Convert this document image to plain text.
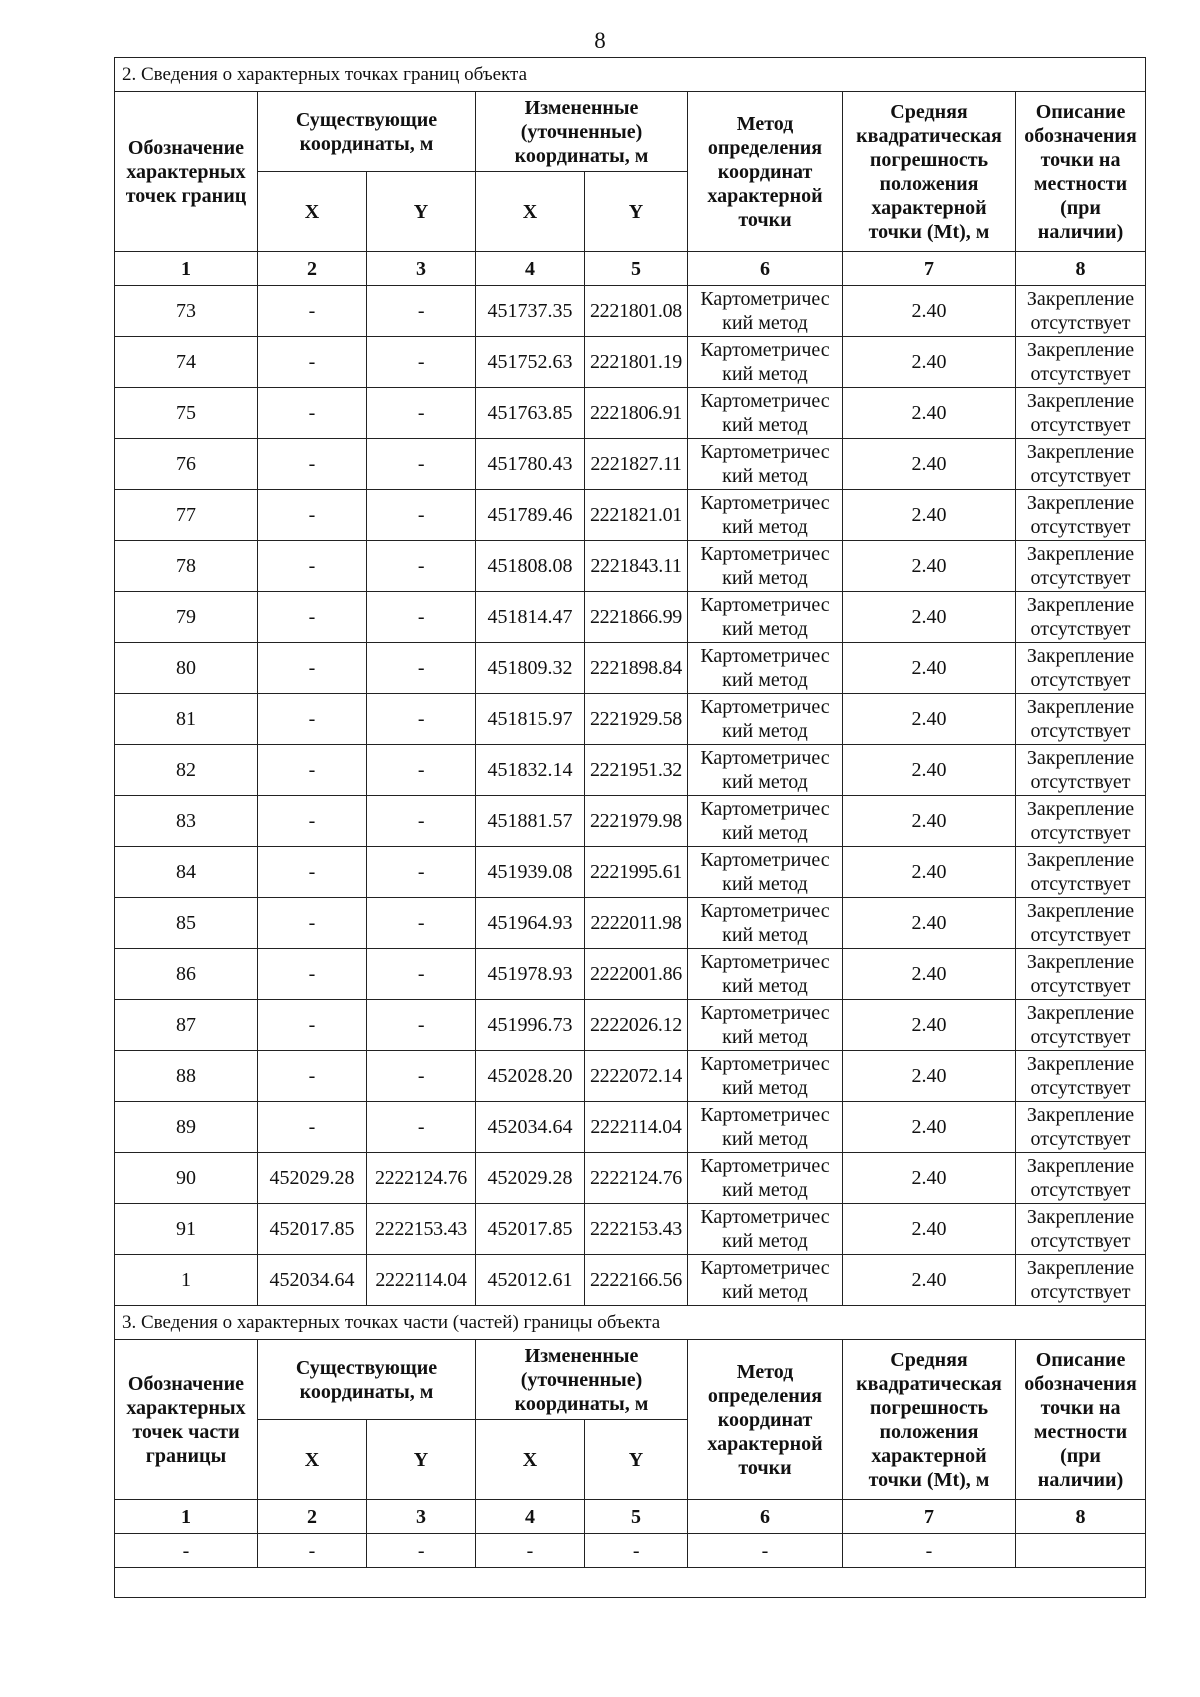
8
2. Сведения о характерных точках границ объекта							
Обозначение характерных точек границ	Существующие координаты, м		Измененные (уточненные) координаты, м		Метод определения координат характерной точки	Средняя квадратическая погрешность положения характерной точки (Mt), м	Описание обозначения точки на местности (при наличии)
	X	Y	X	Y			
1	2	3	4	5	6	7	8
73	-	-	451737.35	2221801.08	Картометричес кий метод	2.40	Закрепление отсутствует
74	-	-	451752.63	2221801.19	Картометричес кий метод	2.40	Закрепление отсутствует
75	-	-	451763.85	2221806.91	Картометричес кий метод	2.40	Закрепление отсутствует
76	-	-	451780.43	2221827.11	Картометричес кий метод	2.40	Закрепление отсутствует
77	-	-	451789.46	2221821.01	Картометричес кий метод	2.40	Закрепление отсутствует
78	-	-	451808.08	2221843.11	Картометричес кий метод	2.40	Закрепление отсутствует
79	-	-	451814.47	2221866.99	Картометричес кий метод	2.40	Закрепление отсутствует
80	-	-	451809.32	2221898.84	Картометричес кий метод	2.40	Закрепление отсутствует
81	-	-	451815.97	2221929.58	Картометричес кий метод	2.40	Закрепление отсутствует
82	-	-	451832.14	2221951.32	Картометричес кий метод	2.40	Закрепление отсутствует
83	-	-	451881.57	2221979.98	Картометричес кий метод	2.40	Закрепление отсутствует
84	-	-	451939.08	2221995.61	Картометричес кий метод	2.40	Закрепление отсутствует
85	-	-	451964.93	2222011.98	Картометричес кий метод	2.40	Закрепление отсутствует
86	-	-	451978.93	2222001.86	Картометричес кий метод	2.40	Закрепление отсутствует
87	-	-	451996.73	2222026.12	Картометричес кий метод	2.40	Закрепление отсутствует
88	-	-	452028.20	2222072.14	Картометричес кий метод	2.40	Закрепление отсутствует
89	-	-	452034.64	2222114.04	Картометричес кий метод	2.40	Закрепление отсутствует
90	452029.28	2222124.76	452029.28	2222124.76	Картометричес кий метод	2.40	Закрепление отсутствует
91	452017.85	2222153.43	452017.85	2222153.43	Картометричес кий метод	2.40	Закрепление отсутствует
1	452034.64	2222114.04	452012.61	2222166.56	Картометричес кий метод	2.40	Закрепление отсутствует
3. Сведения о характерных точках части (частей) границы объекта							
Обозначение характерных точек части границы	Существующие координаты, м		Измененные (уточненные) координаты, м		Метод определения координат характерной точки	Средняя квадратическая погрешность положения характерной точки (Mt), м	Описание обозначения точки на местности (при наличии)
	X	Y	X	Y			
1	2	3	4	5	6	7	8
-	-	-	-	-	-	-	
